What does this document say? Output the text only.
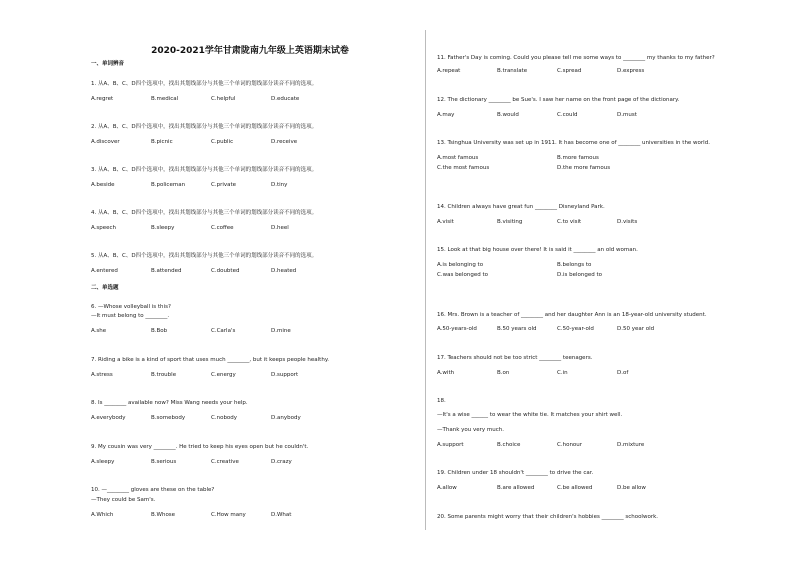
2020-2021学年甘肃陇南九年级上英语期末试卷
一、单词辨音
1. 从A、B、C、D四个选项中，找出其划线部分与其他三个单词的划线部分读音不同的选项。
A.regret	B.medical	C.helpful	D.educate
2. 从A、B、C、D四个选项中，找出其划线部分与其他三个单词的划线部分读音不同的选项。
A.discover	B.picnic	C.public	D.receive
3. 从A、B、C、D四个选项中，找出其划线部分与其他三个单词的划线部分读音不同的选项。
A.beside	B.policeman	C.private	D.tiny
4. 从A、B、C、D四个选项中，找出其划线部分与其他三个单词的划线部分读音不同的选项。
A.speech	B.sleepy	C.coffee	D.heel
5. 从A、B、C、D四个选项中，找出其划线部分与其他三个单词的划线部分读音不同的选项。
A.entered	B.attended	C.doubted	D.heated
二、单选题
6. —Whose volleyball is this?
—It must belong to ________.
A.she	B.Bob	C.Carla's	D.mine
7. Riding a bike is a kind of sport that uses much ________, but it keeps people healthy.
A.stress	B.trouble	C.energy	D.support
8. Is ________ available now? Miss Wang needs your help.
A.everybody	B.somebody	C.nobody	D.anybody
9. My cousin was very ________. He tried to keep his eyes open but he couldn't.
A.sleepy	B.serious	C.creative	D.crazy
10. —________ gloves are these on the table?
—They could be Sam's.
A.Which	B.Whose	C.How many	D.What
11. Father's Day is coming. Could you please tell me some ways to ________ my thanks to my father?
A.repeat	B.translate	C.spread	D.express
12. The dictionary ________ be Sue's. I saw her name on the front page of the dictionary.
A.may	B.would	C.could	D.must
13. Tsinghua University was set up in 1911. It has become one of ________ universities in the world.
A.most famous	B.more famous
C.the most famous	D.the more famous
14. Children always have great fun ________ Disneyland Park.
A.visit	B.visiting	C.to visit	D.visits
15. Look at that big house over there! It is said it ________ an old woman.
A.is belonging to	B.belongs to
C.was belonged to	D.is belonged to
16. Mrs. Brown is a teacher of ________ and her daughter Ann is an 18-year-old university student.
A.50-years-old	B.50 years old	C.50-year-old	D.50 year old
17. Teachers should not be too strict ________ teenagers.
A.with	B.on	C.in	D.of
18.
—It's a wise ______ to wear the white tie. It matches your shirt well.
—Thank you very much.
A.support	B.choice	C.honour	D.mixture
19. Children under 18 shouldn't ________ to drive the car.
A.allow	B.are allowed	C.be allowed	D.be allow
20. Some parents might worry that their children's hobbies ________ schoolwork.
